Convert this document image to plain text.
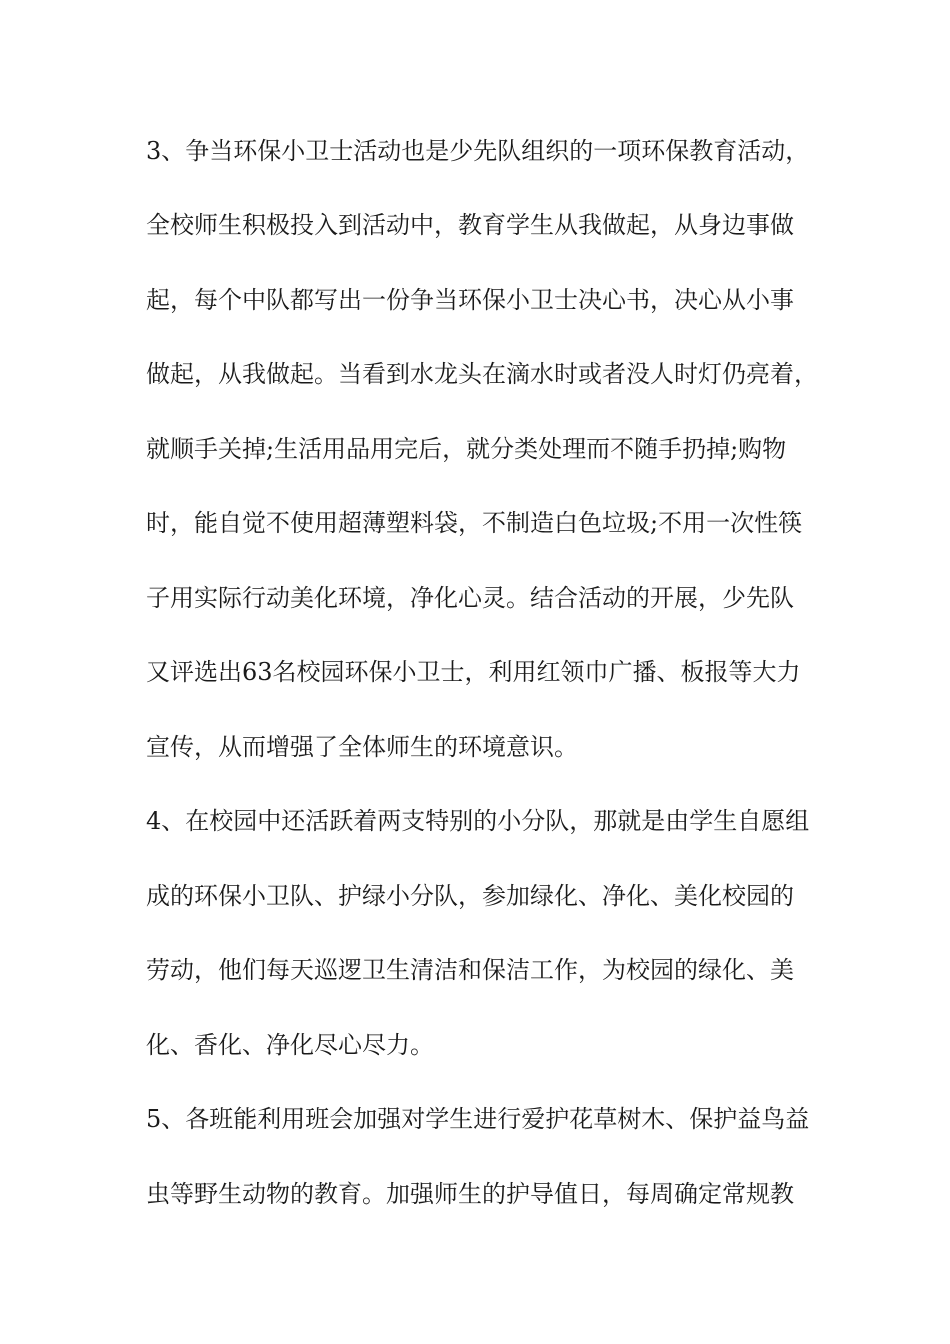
3、争当环保小卫士活动也是少先队组织的一项环保教育活动，
全校师生积极投入到活动中，教育学生从我做起，从身边事做
起，每个中队都写出一份争当环保小卫士决心书，决心从小事
做起，从我做起。当看到水龙头在滴水时或者没人时灯仍亮着，
就顺手关掉;生活用品用完后，就分类处理而不随手扔掉;购物
时，能自觉不使用超薄塑料袋，不制造白色垃圾;不用一次性筷
子用实际行动美化环境，净化心灵。结合活动的开展，少先队
又评选出63名校园环保小卫士，利用红领巾广播、板报等大力
宣传，从而增强了全体师生的环境意识。
4、在校园中还活跃着两支特别的小分队，那就是由学生自愿组
成的环保小卫队、护绿小分队，参加绿化、净化、美化校园的
劳动，他们每天巡逻卫生清洁和保洁工作，为校园的绿化、美
化、香化、净化尽心尽力。
5、各班能利用班会加强对学生进行爱护花草树木、保护益鸟益
虫等野生动物的教育。加强师生的护导值日，每周确定常规教
